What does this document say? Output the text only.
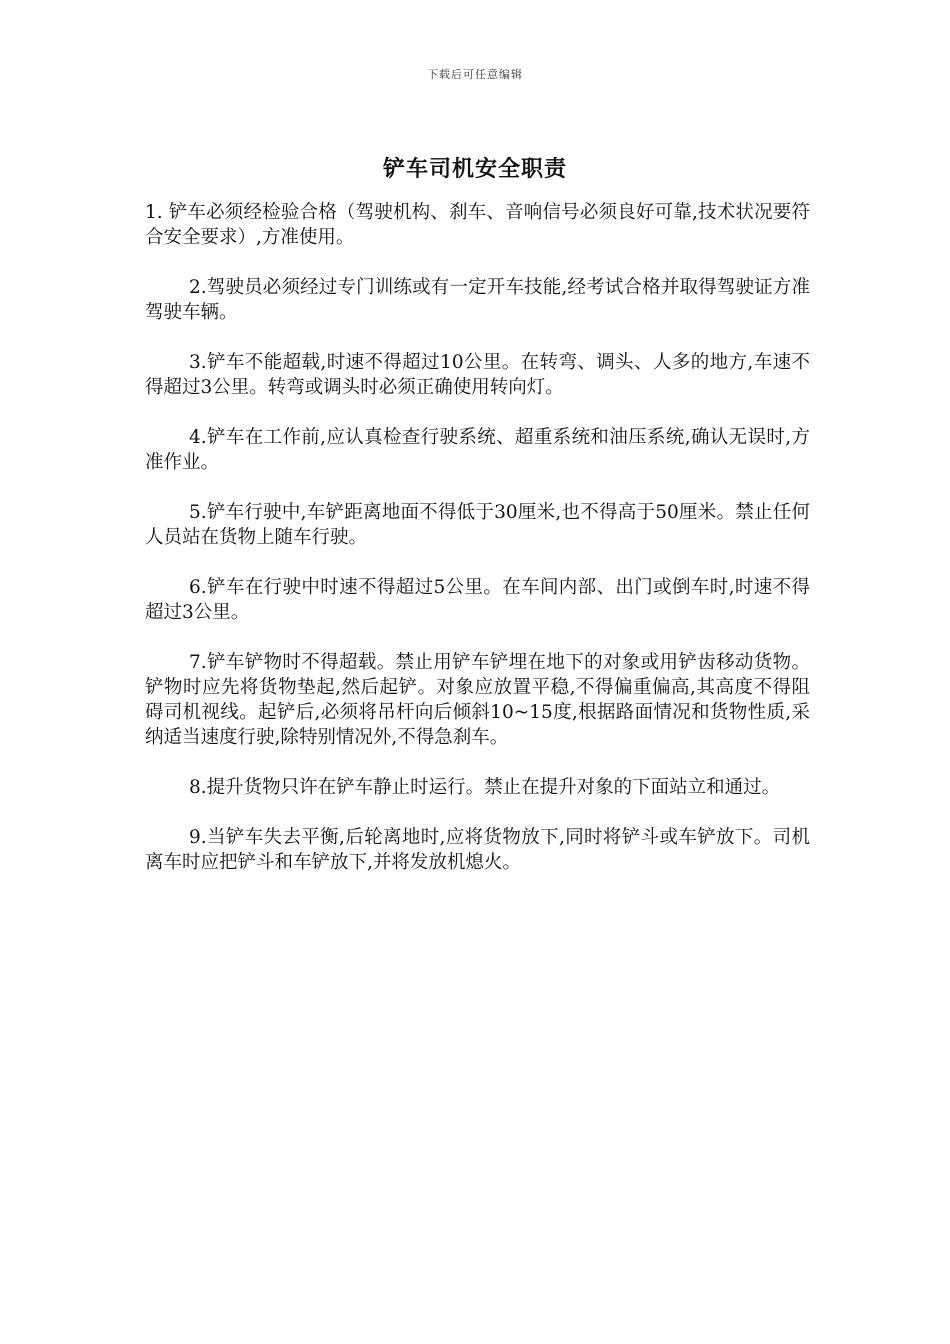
下载后可任意编辑
铲车司机安全职责

1. 铲车必须经检验合格（驾驶机构、刹车、音响信号必须良好可靠,技术状况要符合安全要求）,方准使用。

2.驾驶员必须经过专门训练或有一定开车技能,经考试合格并取得驾驶证方准驾驶车辆。

3.铲车不能超载,时速不得超过10公里。在转弯、调头、人多的地方,车速不得超过3公里。转弯或调头时必须正确使用转向灯。

4.铲车在工作前,应认真检查行驶系统、超重系统和油压系统,确认无误时,方准作业。

5.铲车行驶中,车铲距离地面不得低于30厘米,也不得高于50厘米。禁止任何人员站在货物上随车行驶。

6.铲车在行驶中时速不得超过5公里。在车间内部、出门或倒车时,时速不得超过3公里。

7.铲车铲物时不得超载。禁止用铲车铲埋在地下的对象或用铲齿移动货物。铲物时应先将货物垫起,然后起铲。对象应放置平稳,不得偏重偏高,其高度不得阻碍司机视线。起铲后,必须将吊杆向后倾斜10~15度,根据路面情况和货物性质,采纳适当速度行驶,除特别情况外,不得急刹车。

8.提升货物只许在铲车静止时运行。禁止在提升对象的下面站立和通过。

9.当铲车失去平衡,后轮离地时,应将货物放下,同时将铲斗或车铲放下。司机离车时应把铲斗和车铲放下,并将发放机熄火。
